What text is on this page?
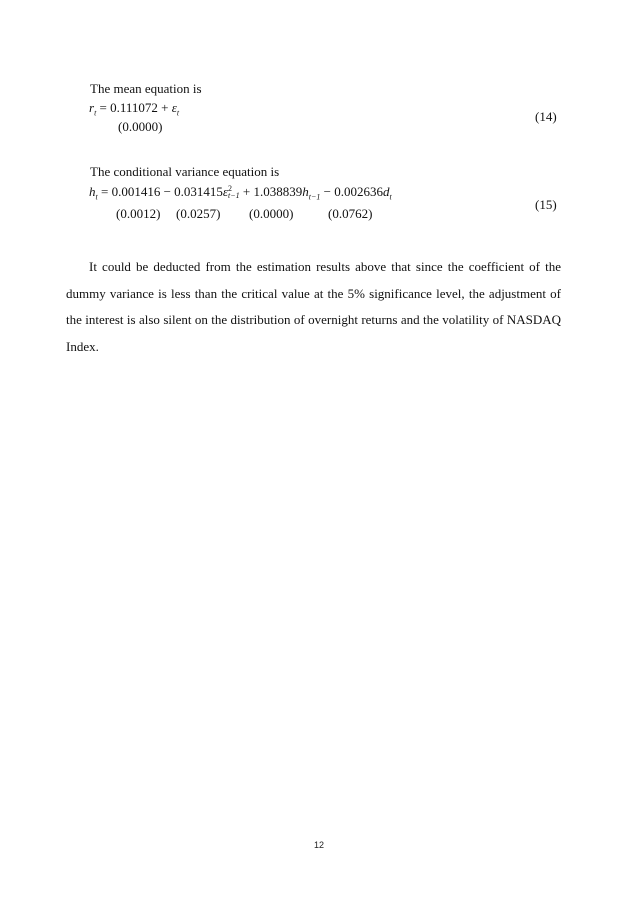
The mean equation is
$r_t = 0.111072 + \varepsilon_t$
(0.0000)
(14)
The conditional variance equation is
$h_t = 0.001416 - 0.031415\varepsilon$ 2
$t-1 + 1.038839h_{t-1} - 0.002636d_t$
(0.0012) (0.0257) (0.0000)	(0.0762)
(15)
It could be deducted from the estimation results above that since the coefficient of the dummy variance is less than the critical value at the 5% significance level, the adjustment of the interest is also silent on the distribution of overnight returns and the volatility of NASDAQ Index.
12
